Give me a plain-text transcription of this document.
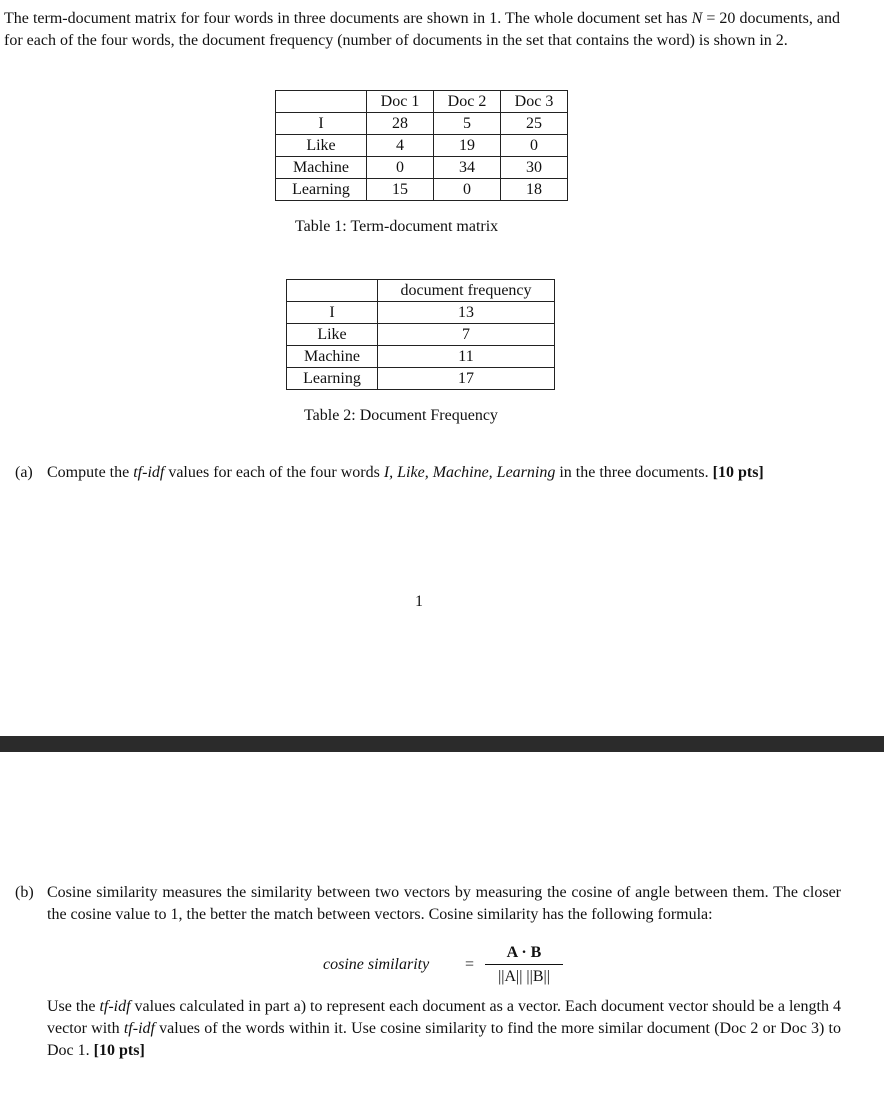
The term-document matrix for four words in three documents are shown in 1. The whole document set has N = 20 documents, and for each of the four words, the document frequency (number of documents in the set that contains the word) is shown in 2.
	Doc 1	Doc 2	Doc 3
I	28	5	25
Like	4	19	0
Machine	0	34	30
Learning	15	0	18
Table 1: Term-document matrix
	document frequency
I	13
Like	7
Machine	11
Learning	17
Table 2: Document Frequency
(a) Compute the tf-idf values for each of the four words I, Like, Machine, Learning in the three documents. [10 pts]
1
(b) Cosine similarity measures the similarity between two vectors by measuring the cosine of angle between them. The closer the cosine value to 1, the better the match between vectors. Cosine similarity has the following formula:
cosine similarity = $\frac{A \cdot B}{||A|| ||B||}$
Use the tf-idf values calculated in part a) to represent each document as a vector. Each document vector should be a length 4 vector with tf-idf values of the words within it. Use cosine similarity to find the more similar document (Doc 2 or Doc 3) to Doc 1. [10 pts]
